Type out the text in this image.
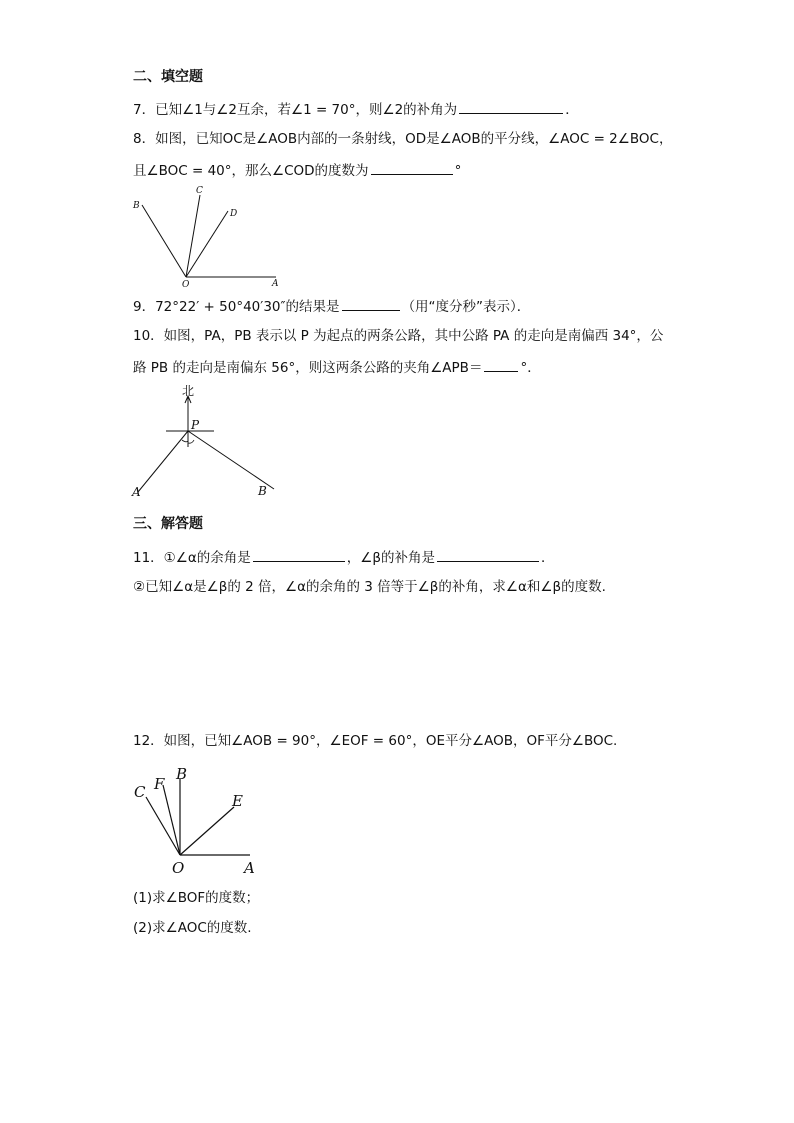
二、填空题
7．已知∠1与∠2互余，若∠1 = 70°，则∠2的补角为	．
8．如图，已知OC是∠AOB内部的一条射线，OD是∠AOB的平分线，∠AOC = 2∠BOC，
且∠BOC = 40°，那么∠COD的度数为	°
B
C
D
O	A
9．72°22′ + 50°40′30″的结果是	（用“度分秒”表示）．
10．如图，PA，PB 表示以 P 为起点的两条公路，其中公路 PA 的走向是南偏西 34°，公
路 PB 的走向是南偏东 56°，则这两条公路的夹角∠APB＝	°．
北
P
A	B
三、解答题
11．①∠α的余角是	，∠β的补角是	．
②已知∠α是∠β的 2 倍，∠α的余角的 3 倍等于∠β的补角，求∠α和∠β的度数.
12．如图，已知∠AOB = 90°，∠EOF = 60°，OE平分∠AOB，OF平分∠BOC.
C F
B
E
O	A
(1)求∠BOF的度数；
(2)求∠AOC的度数.
